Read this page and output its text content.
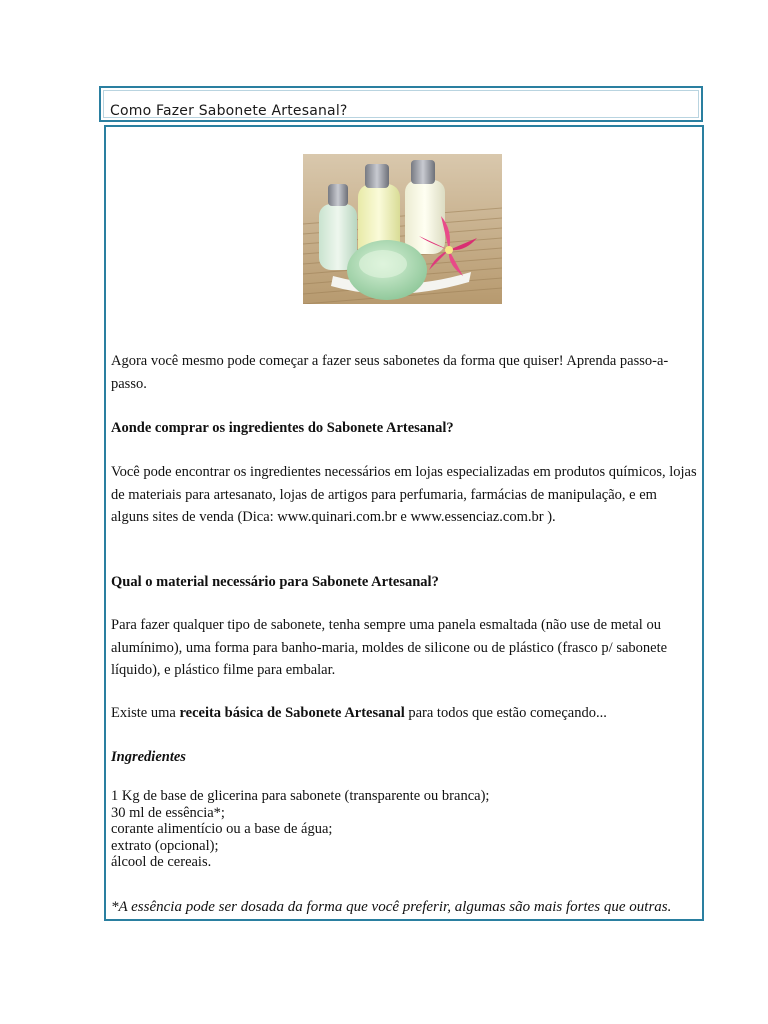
Como Fazer Sabonete Artesanal?
Agora você mesmo pode começar a fazer seus sabonetes da forma que quiser! Aprenda passo-a-passo.
Aonde comprar os ingredientes do Sabonete Artesanal?
Você pode encontrar os ingredientes necessários em lojas especializadas em produtos químicos, lojas de materiais para artesanato, lojas de artigos para perfumaria, farmácias de manipulação, e em alguns sites de venda (Dica: www.quinari.com.br e www.essenciaz.com.br ).
Qual o material necessário para Sabonete Artesanal?
Para fazer qualquer tipo de sabonete, tenha sempre uma panela esmaltada (não use de metal ou alumínimo), uma forma para banho-maria, moldes de silicone ou de plástico (frasco p/ sabonete líquido), e plástico filme para embalar.
Existe uma receita básica de Sabonete Artesanal para todos que estão começando...
Ingredientes
1 Kg de base de glicerina para sabonete (transparente ou branca);
30 ml de essência*;
corante alimentício ou a base de água;
extrato (opcional);
álcool de cereais.
*A essência pode ser dosada da forma que você preferir, algumas são mais fortes que outras.
